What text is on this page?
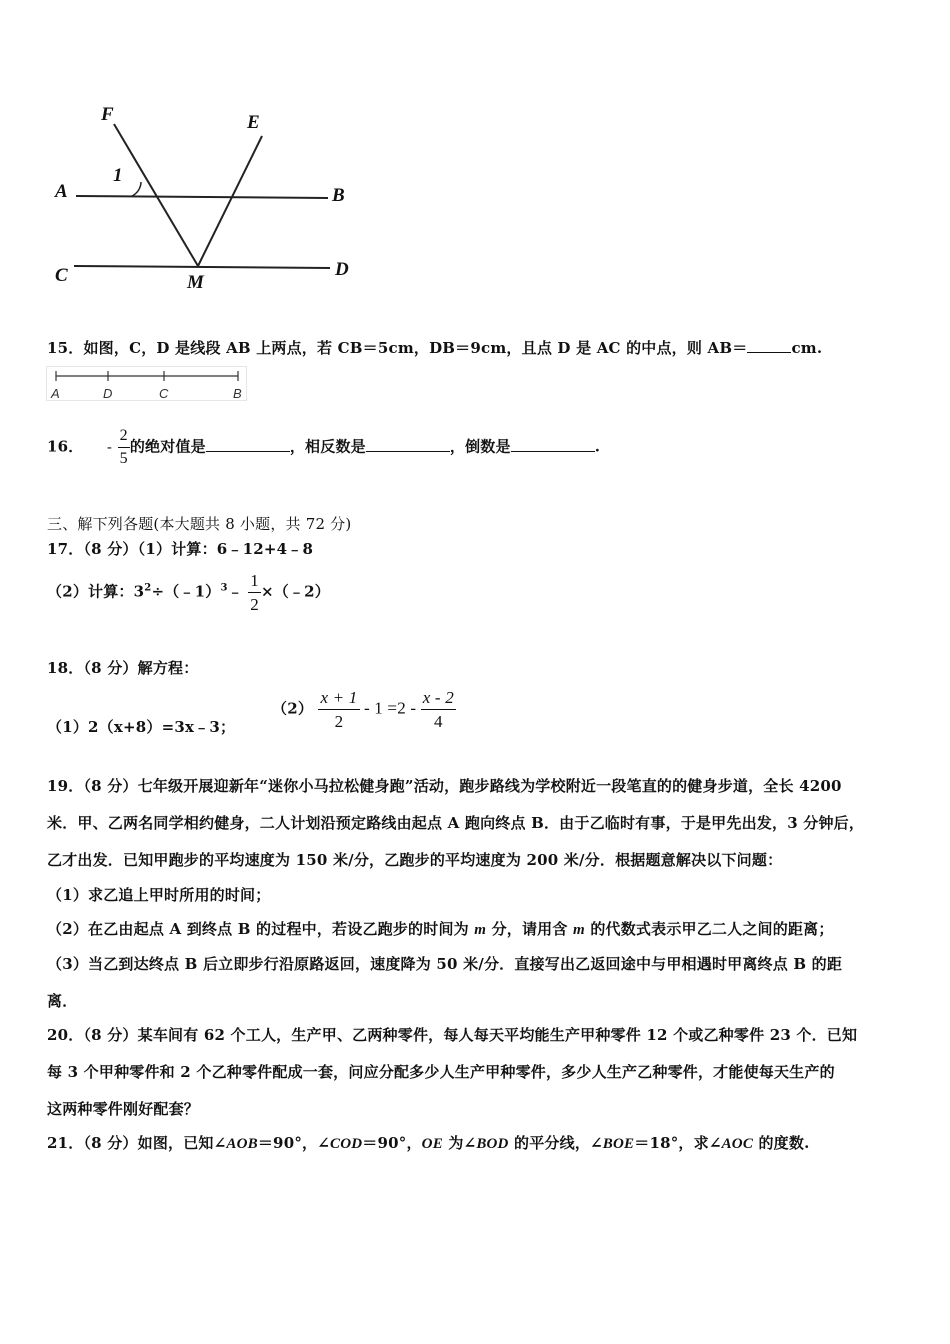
F	E
1
A	B
C	M
D
15．如图，C，D 是线段 AB 上两点，若 CB＝5cm，DB＝9cm，且点 D 是 AC 的中点，则 AB＝	cm.
A	D	C	B
16． - $\frac{2}{5}$ 的绝对值是	，相反数是	，倒数是	.
三、解下列各题(本大题共 8 小题，共 72 分)
17．（8 分）（1）计算：6﹣12+4﹣8
（2）计算：$3^2\div(﹣1)^3﹣ \frac{1}{2}$ ×（﹣2）
18．（8 分）解方程：
（1）2（x+8）=3x﹣3；
$(2) \frac{x + 1}{2} - 1 =2 - \frac{x - 2}{4}$
19．（8 分）七年级开展迎新年“迷你小马拉松健身跑”活动，跑步路线为学校附近一段笔直的的健身步道，全长 4200
米．甲、乙两名同学相约健身，二人计划沿预定路线由起点 A 跑向终点 B．由于乙临时有事，于是甲先出发，3 分钟后，
乙才出发．已知甲跑步的平均速度为 150 米/分，乙跑步的平均速度为 200 米/分．根据题意解决以下问题：
（1）求乙追上甲时所用的时间；
（2）在乙由起点 A 到终点 B 的过程中，若设乙跑步的时间为 m 分，请用含 m 的代数式表示甲乙二人之间的距离；
（3）当乙到达终点 B 后立即步行沿原路返回，速度降为 50 米/分．直接写出乙返回途中与甲相遇时甲离终点 B 的距
离．
20．（8 分）某车间有 62 个工人，生产甲、乙两种零件，每人每天平均能生产甲种零件 12 个或乙种零件 23 个．已知
每 3 个甲种零件和 2 个乙种零件配成一套，问应分配多少人生产甲种零件，多少人生产乙种零件，才能使每天生产的
这两种零件刚好配套？
21．（8 分）如图，已知∠AOB＝90°，∠COD＝90°，OE 为∠BOD 的平分线，∠BOE＝18°，求∠AOC 的度数.
